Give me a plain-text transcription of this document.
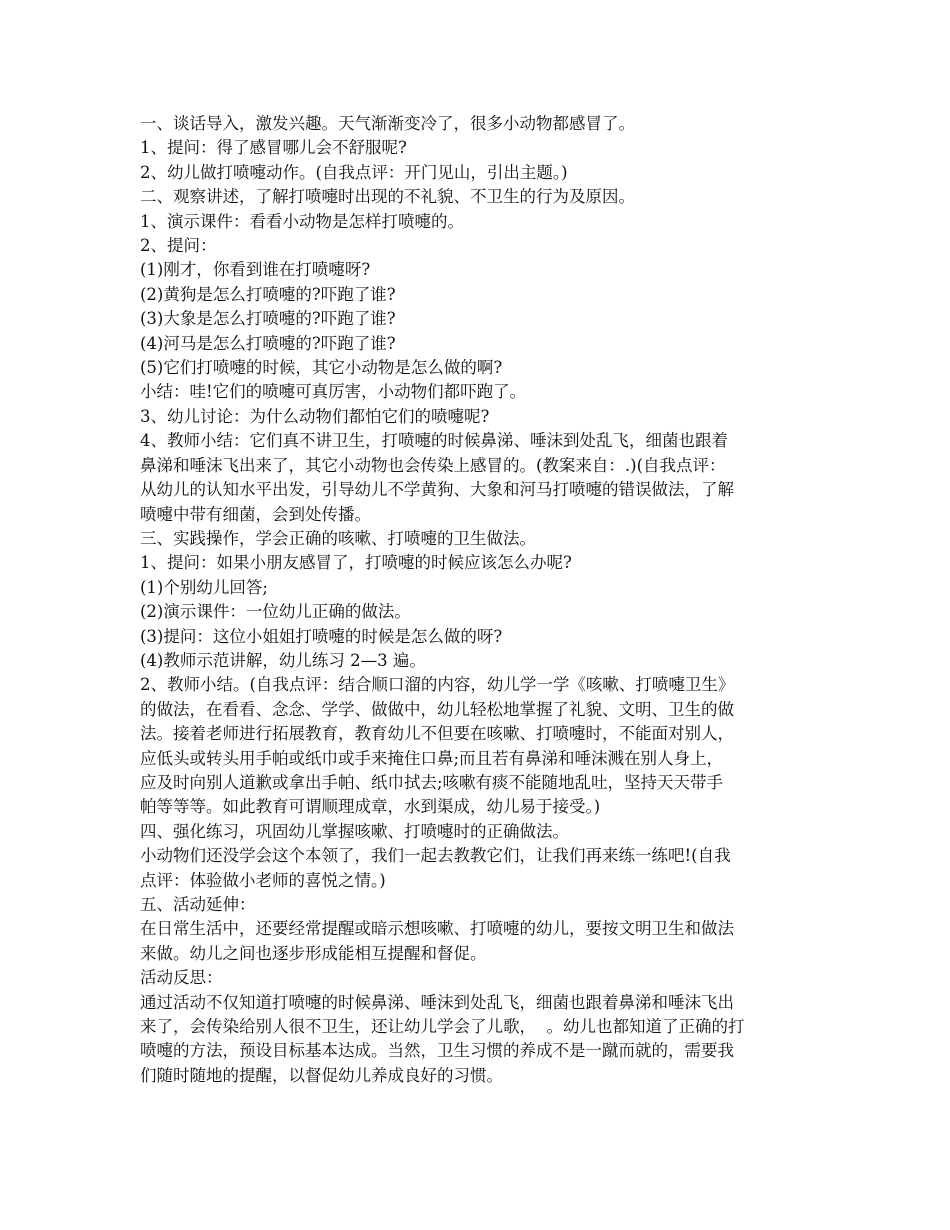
一、谈话导入，激发兴趣。天气渐渐变冷了，很多小动物都感冒了。

1、提问：得了感冒哪儿会不舒服呢?

2、幼儿做打喷嚏动作。(自我点评：开门见山，引出主题。)

二、观察讲述，了解打喷嚏时出现的不礼貌、不卫生的行为及原因。

1、演示课件：看看小动物是怎样打喷嚏的。

2、提问：

(1)刚才，你看到谁在打喷嚏呀?

(2)黄狗是怎么打喷嚏的?吓跑了谁?

(3)大象是怎么打喷嚏的?吓跑了谁?

(4)河马是怎么打喷嚏的?吓跑了谁?

(5)它们打喷嚏的时候，其它小动物是怎么做的啊?

小结：哇!它们的喷嚏可真厉害，小动物们都吓跑了。

3、幼儿讨论：为什么动物们都怕它们的喷嚏呢?

4、教师小结：它们真不讲卫生，打喷嚏的时候鼻涕、唾沫到处乱飞，细菌也跟着

鼻涕和唾沫飞出来了，其它小动物也会传染上感冒的。(教案来自：.)(自我点评：

从幼儿的认知水平出发，引导幼儿不学黄狗、大象和河马打喷嚏的错误做法，了解

喷嚏中带有细菌，会到处传播。

三、实践操作，学会正确的咳嗽、打喷嚏的卫生做法。

1、提问：如果小朋友感冒了，打喷嚏的时候应该怎么办呢?

(1)个别幼儿回答;

(2)演示课件：一位幼儿正确的做法。

(3)提问：这位小姐姐打喷嚏的时候是怎么做的呀?

(4)教师示范讲解，幼儿练习 2—3 遍。

2、教师小结。(自我点评：结合顺口溜的内容，幼儿学一学《咳嗽、打喷嚏卫生》

的做法，在看看、念念、学学、做做中，幼儿轻松地掌握了礼貌、文明、卫生的做

法。接着老师进行拓展教育，教育幼儿不但要在咳嗽、打喷嚏时，不能面对别人，

应低头或转头用手帕或纸巾或手来掩住口鼻;而且若有鼻涕和唾沫溅在别人身上，

应及时向别人道歉或拿出手帕、纸巾拭去;咳嗽有痰不能随地乱吐，坚持天天带手

帕等等等。如此教育可谓顺理成章，水到渠成，幼儿易于接受。)

四、强化练习，巩固幼儿掌握咳嗽、打喷嚏时的正确做法。

小动物们还没学会这个本领了，我们一起去教教它们，让我们再来练一练吧!(自我

点评：体验做小老师的喜悦之情。)

五、活动延伸：

在日常生活中，还要经常提醒或暗示想咳嗽、打喷嚏的幼儿，要按文明卫生和做法

来做。幼儿之间也逐步形成能相互提醒和督促。

活动反思：

通过活动不仅知道打喷嚏的时候鼻涕、唾沫到处乱飞，细菌也跟着鼻涕和唾沫飞出

来了，会传染给别人很不卫生，还让幼儿学会了儿歌，  。幼儿也都知道了正确的打

喷嚏的方法，预设目标基本达成。当然，卫生习惯的养成不是一蹴而就的，需要我

们随时随地的提醒，以督促幼儿养成良好的习惯。
